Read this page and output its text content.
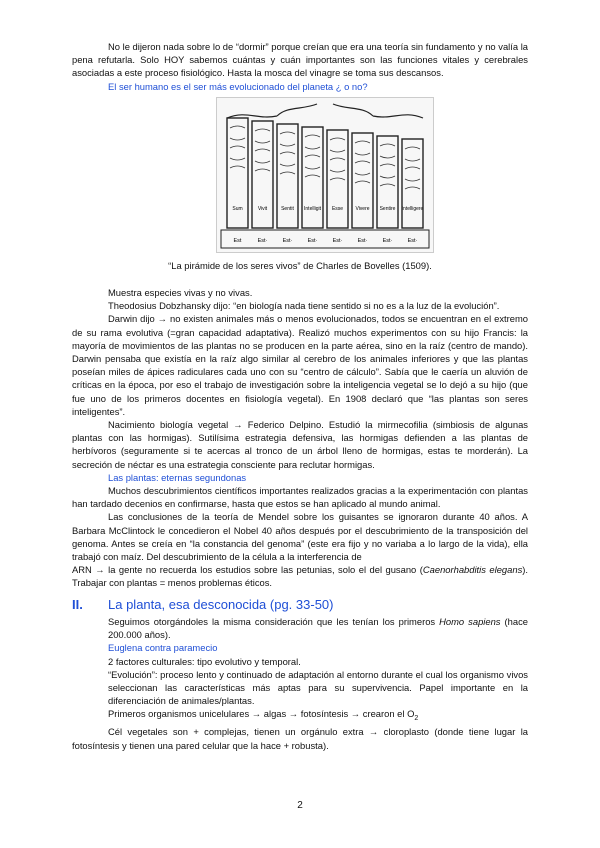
No le dijeron nada sobre lo de “dormir” porque creían que era una teoría sin fundamento y no valía la pena refutarla. Solo HOY sabemos cuántas y cuán importantes son las funciones vitales y cerebrales asociadas a este proceso fisiológico. Hasta la mosca del vinagre se toma sus descansos.

El ser humano es el ser más evolucionado del planeta ¿ o no?

Sum
Est
Vivit
Est·
Sentit
Est·
Intelligit
Est·
Esse
Est·
Vivere
Est·
Sentire
Est·
Intelligere
Est·

“La pirámide de los seres vivos” de Charles de Bovelles (1509).

Muestra especies vivas y no vivas.

Theodosius Dobzhansky dijo: “en biología nada tiene sentido si no es a la luz de la evolución”.

Darwin dijo → no existen animales más o menos evolucionados, todos se encuentran en el extremo de su rama evolutiva (=gran capacidad adaptativa). Realizó muchos experimentos con su hijo Francis: la mayoría de movimientos de las plantas no se producen en la parte aérea, sino en la raíz (centro de mando). Darwin pensaba que existía en la raíz algo similar al cerebro de los animales inferiores y que las plantas poseían miles de ápices radiculares cada uno con su “centro de cálculo”. Sabía que le caería un aluvión de críticas en la época, por eso el trabajo de investigación sobre la inteligencia vegetal se lo dejó a su hijo (que fue uno de los primeros docentes en fisiología vegetal). En 1908 declaró que “las plantas son seres inteligentes”.

Nacimiento biología vegetal → Federico Delpino. Estudió la mirmecofilia (simbiosis de algunas plantas con las hormigas). Sutilísima estrategia defensiva, las hormigas defienden a las plantas de herbívoros (seguramente si te acercas al tronco de un árbol lleno de hormigas, estas te morderán). La secreción de néctar es una estrategia consciente para reclutar hormigas.

Las plantas: eternas segundonas

Muchos descubrimientos científicos importantes realizados gracias a la experimentación con plantas han tardado decenios en confirmarse, hasta que estos se han aplicado al mundo animal.

Las conclusiones de la teoría de Mendel sobre los guisantes se ignoraron durante 40 años. A Barbara McClintock le concedieron el Nobel 40 años después por el descubrimiento de la transposición del genoma. Antes se creía en “la constancia del genoma” (este era fijo y no variaba a lo largo de la vida), ella trabajó con maíz. Del descubrimiento de la célula a la interferencia de

ARN → la gente no recuerda los estudios sobre las petunias, solo el del gusano (Caenorhabditis elegans). Trabajar con plantas = menos problemas éticos.

II.	La planta, esa desconocida (pg. 33-50)

Seguimos otorgándoles la misma consideración que les tenían los primeros Homo sapiens (hace 200.000 años).

Euglena contra paramecio

2 factores culturales: tipo evolutivo y temporal.

“Evolución”: proceso lento y continuado de adaptación al entorno durante el cual los organismo vivos seleccionan las características más aptas para su supervivencia. Papel importante en la diferenciación de animales/plantas.

Primeros organismos unicelulares → algas → fotosíntesis → crearon el $O_2$

Cél vegetales son + complejas, tienen un orgánulo extra → cloroplasto (donde tiene lugar la fotosíntesis y tienen una pared celular que la hace + robusta).

2
